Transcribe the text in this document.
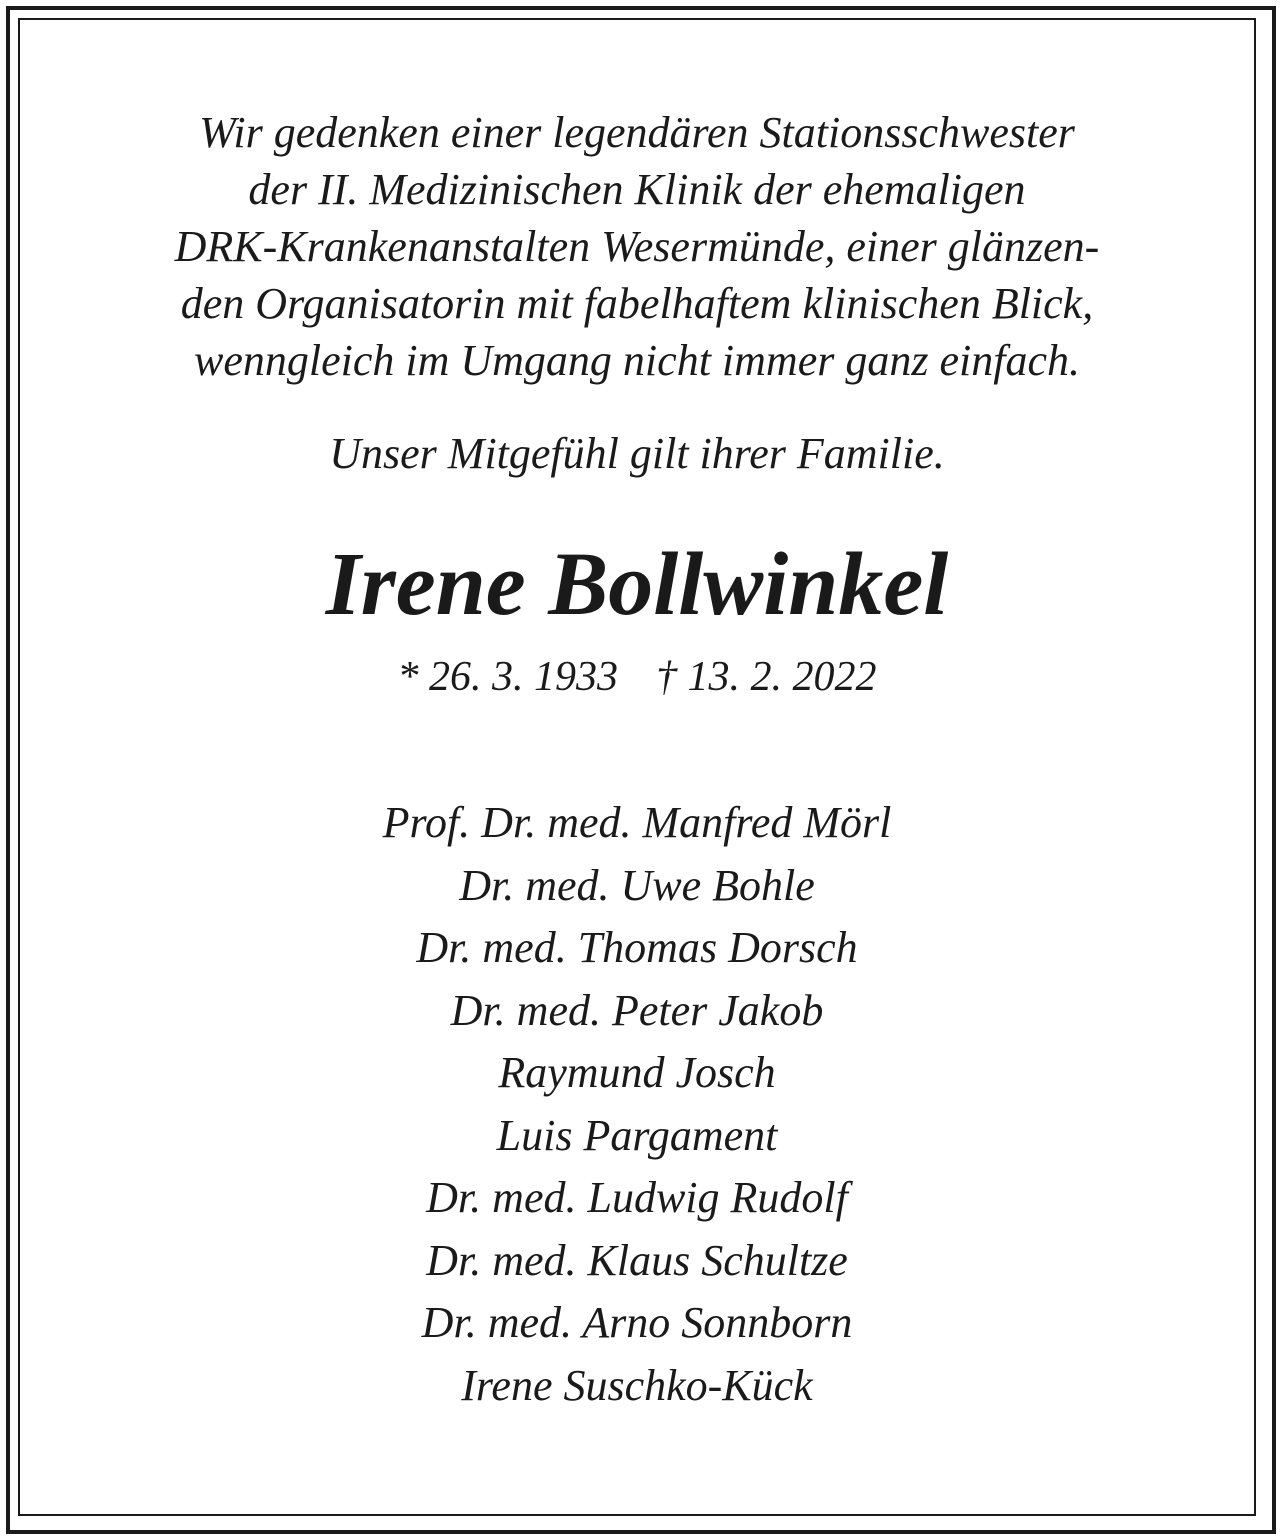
Wir gedenken einer legendären Stationsschwester
der II. Medizinischen Klinik der ehemaligen
DRK-Krankenanstalten Wesermünde, einer glänzen-
den Organisatorin mit fabelhaftem klinischen Blick,
wenngleich im Umgang nicht immer ganz einfach.

Unser Mitgefühl gilt ihrer Familie.

Irene Bollwinkel

* 26. 3. 1933 † 13. 2. 2022

Prof. Dr. med. Manfred Mörl
Dr. med. Uwe Bohle
Dr. med. Thomas Dorsch
Dr. med. Peter Jakob
Raymund Josch
Luis Pargament
Dr. med. Ludwig Rudolf
Dr. med. Klaus Schultze
Dr. med. Arno Sonnborn
Irene Suschko-Kück
